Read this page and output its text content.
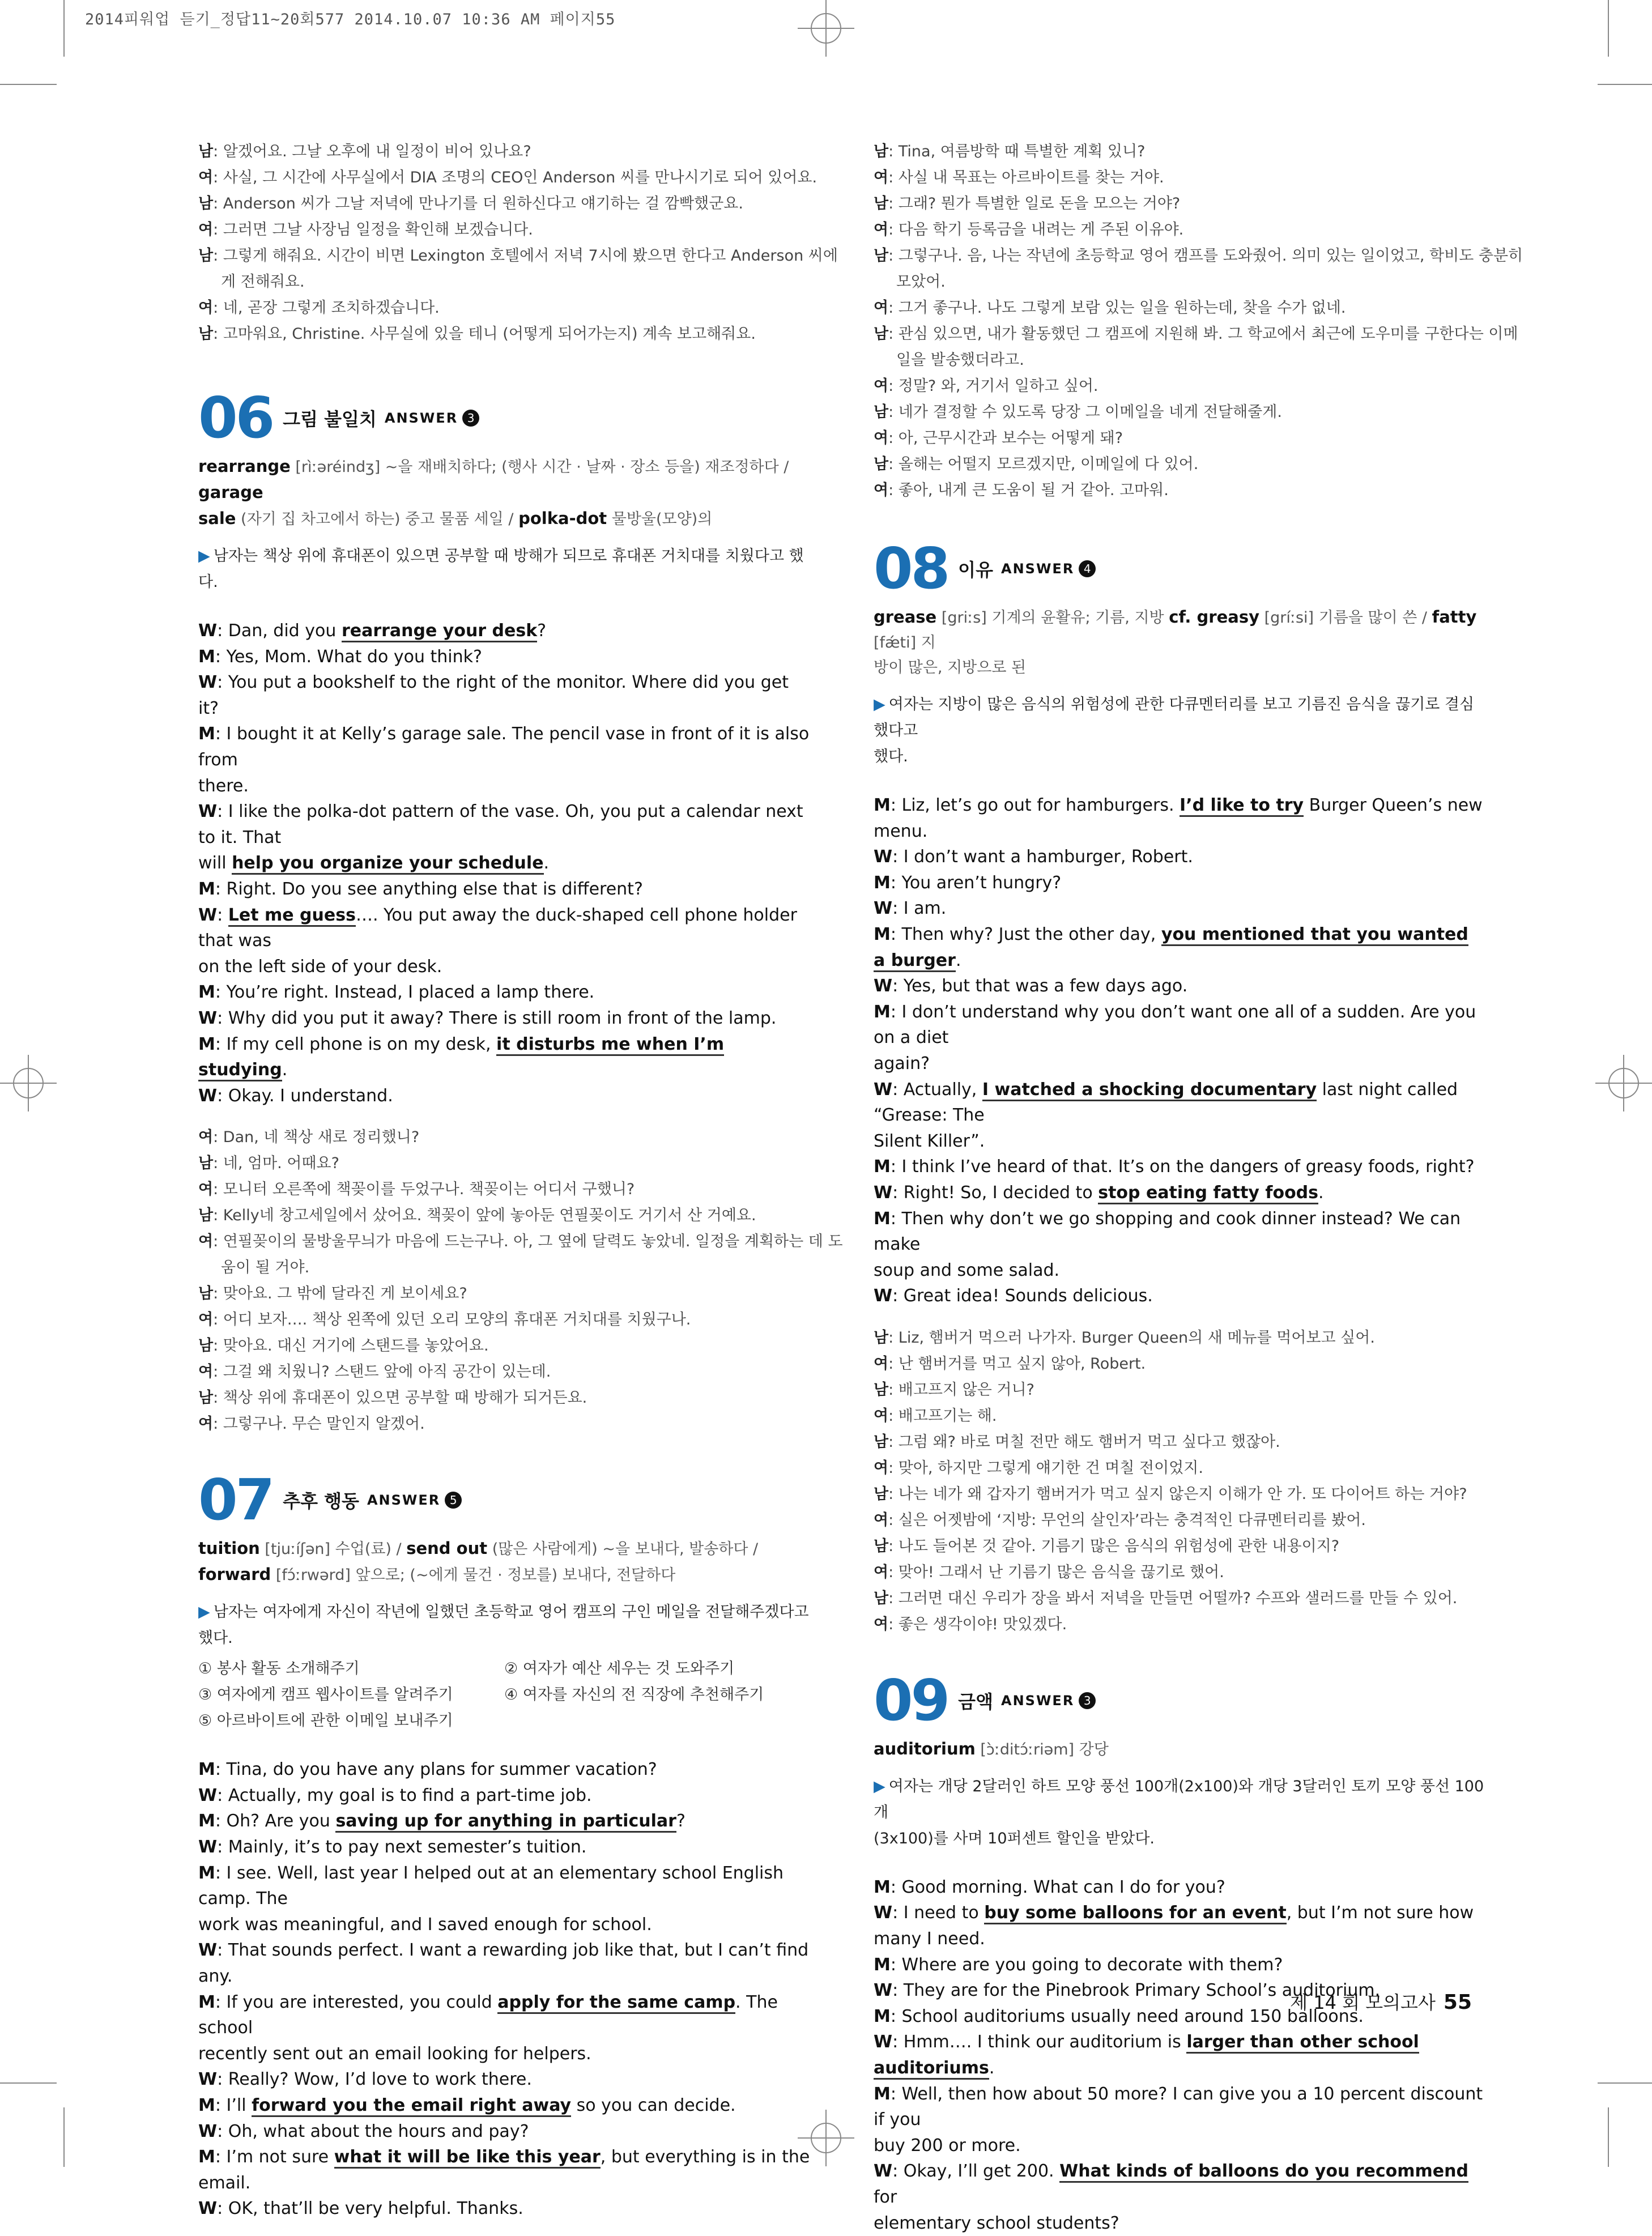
2014피워업 듣기_정답11~20회577 2014.10.07 10:36 AM 페이지55
남: 알겠어요. 그날 오후에 내 일정이 비어 있나요?
여: 사실, 그 시간에 사무실에서 DIA 조명의 CEO인 Anderson 씨를 만나시기로 되어 있어요.
남: Anderson 씨가 그날 저녁에 만나기를 더 원하신다고 얘기하는 걸 깜빡했군요.
여: 그러면 그날 사장님 일정을 확인해 보겠습니다.
남: 그렇게 해줘요. 시간이 비면 Lexington 호텔에서 저녁 7시에 봤으면 한다고 Anderson 씨에
게 전해줘요.
여: 네, 곧장 그렇게 조치하겠습니다.
남: 고마워요, Christine. 사무실에 있을 테니 (어떻게 되어가는지) 계속 보고해줘요.
06 그림 불일치 ANSWER 3
rearrange [rìːəréindʒ] ~을 재배치하다; (행사 시간 · 날짜 · 장소 등을) 재조정하다 / garage
sale (자기 집 차고에서 하는) 중고 물품 세일 / polka-dot 물방울(모양)의
▶ 남자는 책상 위에 휴대폰이 있으면 공부할 때 방해가 되므로 휴대폰 거치대를 치웠다고 했다.
W: Dan, did you rearrange your desk?
M: Yes, Mom. What do you think?
W: You put a bookshelf to the right of the monitor. Where did you get it?
M: I bought it at Kelly’s garage sale. The pencil vase in front of it is also from
there.
W: I like the polka-dot pattern of the vase. Oh, you put a calendar next to it. That
will help you organize your schedule.
M: Right. Do you see anything else that is different?
W: Let me guess…. You put away the duck-shaped cell phone holder that was
on the left side of your desk.
M: You’re right. Instead, I placed a lamp there.
W: Why did you put it away? There is still room in front of the lamp.
M: If my cell phone is on my desk, it disturbs me when I’m studying.
W: Okay. I understand.
여: Dan, 네 책상 새로 정리했니?
남: 네, 엄마. 어때요?
여: 모니터 오른쪽에 책꽂이를 두었구나. 책꽂이는 어디서 구했니?
남: Kelly네 창고세일에서 샀어요. 책꽂이 앞에 놓아둔 연필꽂이도 거기서 산 거예요.
여: 연필꽂이의 물방울무늬가 마음에 드는구나. 아, 그 옆에 달력도 놓았네. 일정을 계획하는 데 도
움이 될 거야.
남: 맞아요. 그 밖에 달라진 게 보이세요?
여: 어디 보자…. 책상 왼쪽에 있던 오리 모양의 휴대폰 거치대를 치웠구나.
남: 맞아요. 대신 거기에 스탠드를 놓았어요.
여: 그걸 왜 치웠니? 스탠드 앞에 아직 공간이 있는데.
남: 책상 위에 휴대폰이 있으면 공부할 때 방해가 되거든요.
여: 그렇구나. 무슨 말인지 알겠어.
07 추후 행동 ANSWER 5
tuition [tjuːíʃən] 수업(료) / send out (많은 사람에게) ~을 보내다, 발송하다 /
forward [fɔ́ːrwərd] 앞으로; (~에게 물건 · 정보를) 보내다, 전달하다
▶ 남자는 여자에게 자신이 작년에 일했던 초등학교 영어 캠프의 구인 메일을 전달해주겠다고 했다.
① 봉사 활동 소개해주기	② 여자가 예산 세우는 것 도와주기
③ 여자에게 캠프 웹사이트를 알려주기	④ 여자를 자신의 전 직장에 추천해주기
⑤ 아르바이트에 관한 이메일 보내주기
M: Tina, do you have any plans for summer vacation?
W: Actually, my goal is to find a part-time job.
M: Oh? Are you saving up for anything in particular?
W: Mainly, it’s to pay next semester’s tuition.
M: I see. Well, last year I helped out at an elementary school English camp. The
work was meaningful, and I saved enough for school.
W: That sounds perfect. I want a rewarding job like that, but I can’t find any.
M: If you are interested, you could apply for the same camp. The school
recently sent out an email looking for helpers.
W: Really? Wow, I’d love to work there.
M: I’ll forward you the email right away so you can decide.
W: Oh, what about the hours and pay?
M: I’m not sure what it will be like this year, but everything is in the email.
W: OK, that’ll be very helpful. Thanks.
남: Tina, 여름방학 때 특별한 계획 있니?
여: 사실 내 목표는 아르바이트를 찾는 거야.
남: 그래? 뭔가 특별한 일로 돈을 모으는 거야?
여: 다음 학기 등록금을 내려는 게 주된 이유야.
남: 그렇구나. 음, 나는 작년에 초등학교 영어 캠프를 도와줬어. 의미 있는 일이었고, 학비도 충분히
모았어.
여: 그거 좋구나. 나도 그렇게 보람 있는 일을 원하는데, 찾을 수가 없네.
남: 관심 있으면, 내가 활동했던 그 캠프에 지원해 봐. 그 학교에서 최근에 도우미를 구한다는 이메
일을 발송했더라고.
여: 정말? 와, 거기서 일하고 싶어.
남: 네가 결정할 수 있도록 당장 그 이메일을 네게 전달해줄게.
여: 아, 근무시간과 보수는 어떻게 돼?
남: 올해는 어떨지 모르겠지만, 이메일에 다 있어.
여: 좋아, 내게 큰 도움이 될 거 같아. 고마워.
08 이유 ANSWER 4
grease [griːs] 기계의 윤활유; 기름, 지방 cf. greasy [gríːsi] 기름을 많이 쓴 / fatty [fǽti] 지
방이 많은, 지방으로 된
▶ 여자는 지방이 많은 음식의 위험성에 관한 다큐멘터리를 보고 기름진 음식을 끊기로 결심했다고
했다.
M: Liz, let’s go out for hamburgers. I’d like to try Burger Queen’s new menu.
W: I don’t want a hamburger, Robert.
M: You aren’t hungry?
W: I am.
M: Then why? Just the other day, you mentioned that you wanted a burger.
W: Yes, but that was a few days ago.
M: I don’t understand why you don’t want one all of a sudden. Are you on a diet
again?
W: Actually, I watched a shocking documentary last night called “Grease: The
Silent Killer”.
M: I think I’ve heard of that. It’s on the dangers of greasy foods, right?
W: Right! So, I decided to stop eating fatty foods.
M: Then why don’t we go shopping and cook dinner instead? We can make
soup and some salad.
W: Great idea! Sounds delicious.
남: Liz, 햄버거 먹으러 나가자. Burger Queen의 새 메뉴를 먹어보고 싶어.
여: 난 햄버거를 먹고 싶지 않아, Robert.
남: 배고프지 않은 거니?
여: 배고프기는 해.
남: 그럼 왜? 바로 며칠 전만 해도 햄버거 먹고 싶다고 했잖아.
여: 맞아, 하지만 그렇게 얘기한 건 며칠 전이었지.
남: 나는 네가 왜 갑자기 햄버거가 먹고 싶지 않은지 이해가 안 가. 또 다이어트 하는 거야?
여: 실은 어젯밤에 ‘지방: 무언의 살인자’라는 충격적인 다큐멘터리를 봤어.
남: 나도 들어본 것 같아. 기름기 많은 음식의 위험성에 관한 내용이지?
여: 맞아! 그래서 난 기름기 많은 음식을 끊기로 했어.
남: 그러면 대신 우리가 장을 봐서 저녁을 만들면 어떨까? 수프와 샐러드를 만들 수 있어.
여: 좋은 생각이야! 맛있겠다.
09 금액 ANSWER 3
auditorium [ɔ̀ːditɔ́ːriəm] 강당
▶ 여자는 개당 2달러인 하트 모양 풍선 100개(2x100)와 개당 3달러인 토끼 모양 풍선 100개
(3x100)를 사며 10퍼센트 할인을 받았다.
M: Good morning. What can I do for you?
W: I need to buy some balloons for an event, but I’m not sure how many I need.
M: Where are you going to decorate with them?
W: They are for the Pinebrook Primary School’s auditorium.
M: School auditoriums usually need around 150 balloons.
W: Hmm…. I think our auditorium is larger than other school auditoriums.
M: Well, then how about 50 more? I can give you a 10 percent discount if you
buy 200 or more.
W: Okay, I’ll get 200. What kinds of balloons do you recommend for
elementary school students?
제 14 회 모의고사 55
